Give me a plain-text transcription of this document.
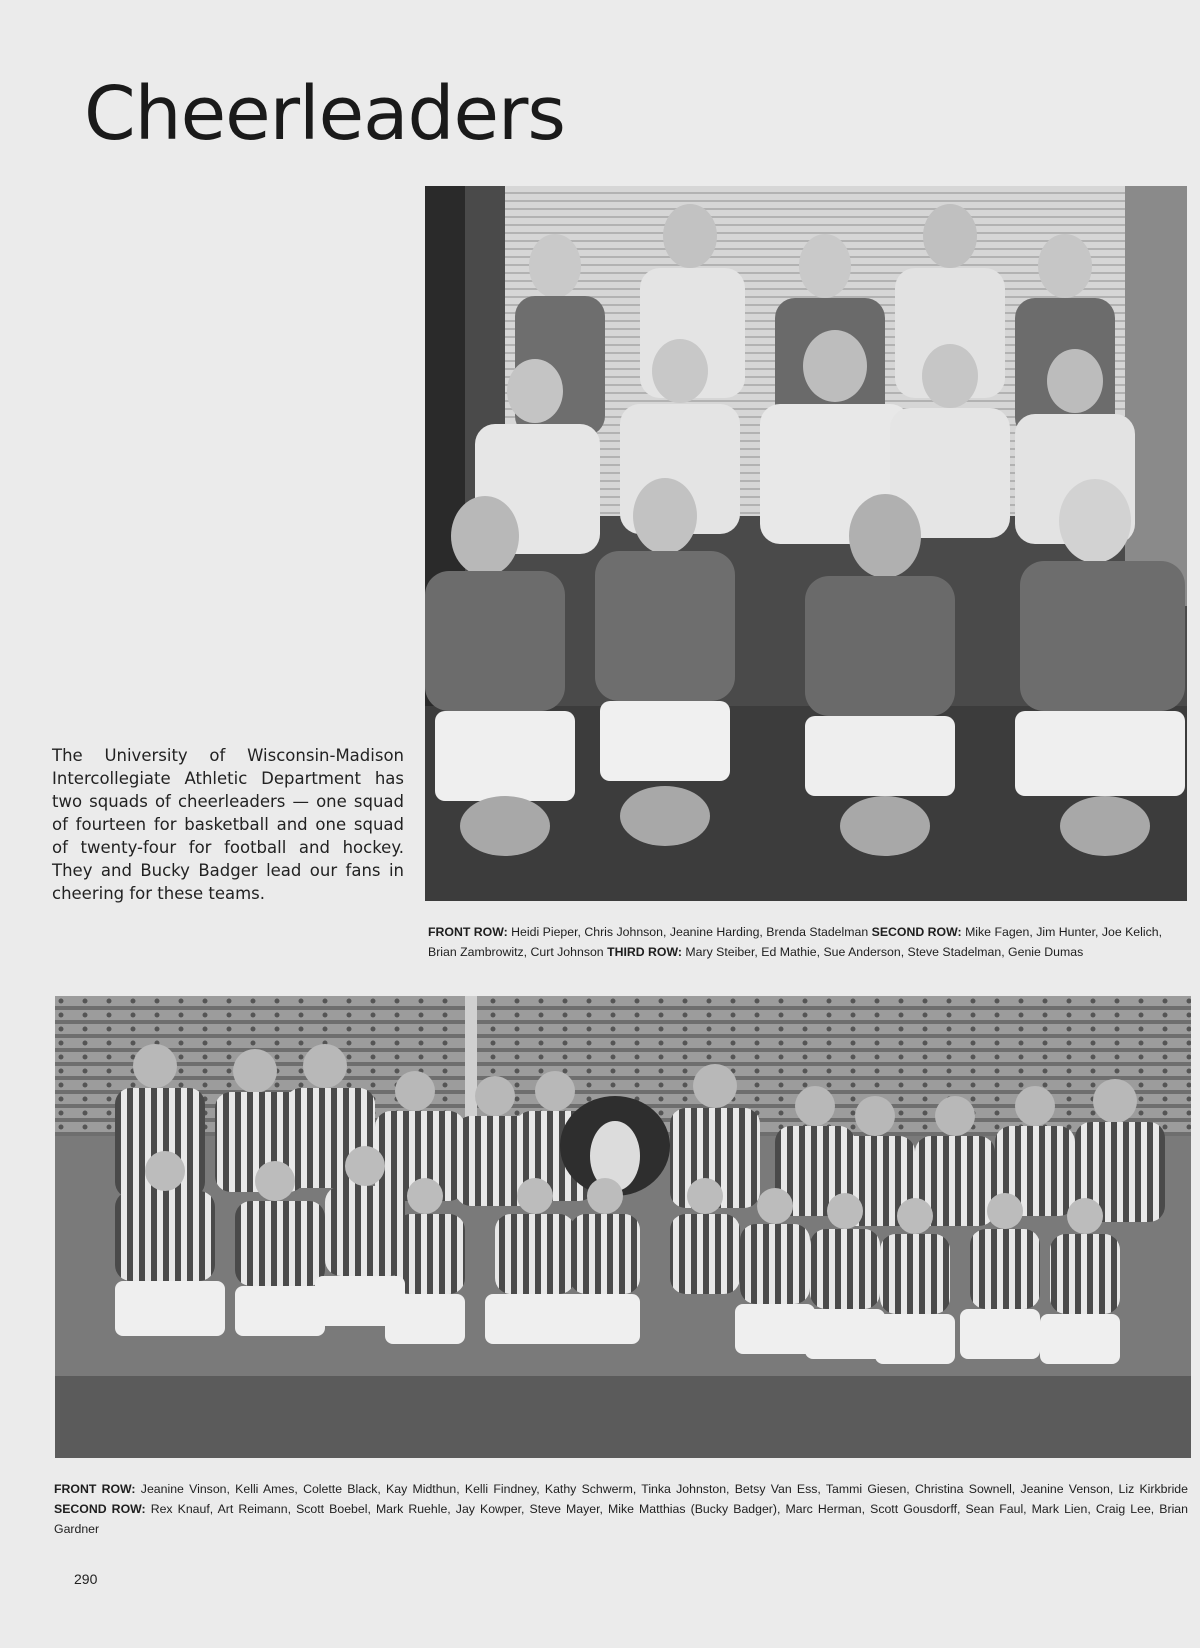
Cheerleaders

The University of Wisconsin-Madison Intercollegiate Athletic Department has two squads of cheerleaders — one squad of fourteen for basketball and one squad of twenty-four for football and hockey. They and Bucky Badger lead our fans in cheering for these teams.

FRONT ROW: Heidi Pieper, Chris Johnson, Jeanine Harding, Brenda Stadelman SECOND ROW: Mike Fagen, Jim Hunter, Joe Kelich, Brian Zambrowitz, Curt Johnson THIRD ROW: Mary Steiber, Ed Mathie, Sue Anderson, Steve Stadelman, Genie Dumas

FRONT ROW: Jeanine Vinson, Kelli Ames, Colette Black, Kay Midthun, Kelli Findney, Kathy Schwerm, Tinka Johnston, Betsy Van Ess, Tammi Giesen, Christina Sownell, Jeanine Venson, Liz Kirkbride SECOND ROW: Rex Knauf, Art Reimann, Scott Boebel, Mark Ruehle, Jay Kowper, Steve Mayer, Mike Matthias (Bucky Badger), Marc Herman, Scott Gousdorff, Sean Faul, Mark Lien, Craig Lee, Brian Gardner

290
